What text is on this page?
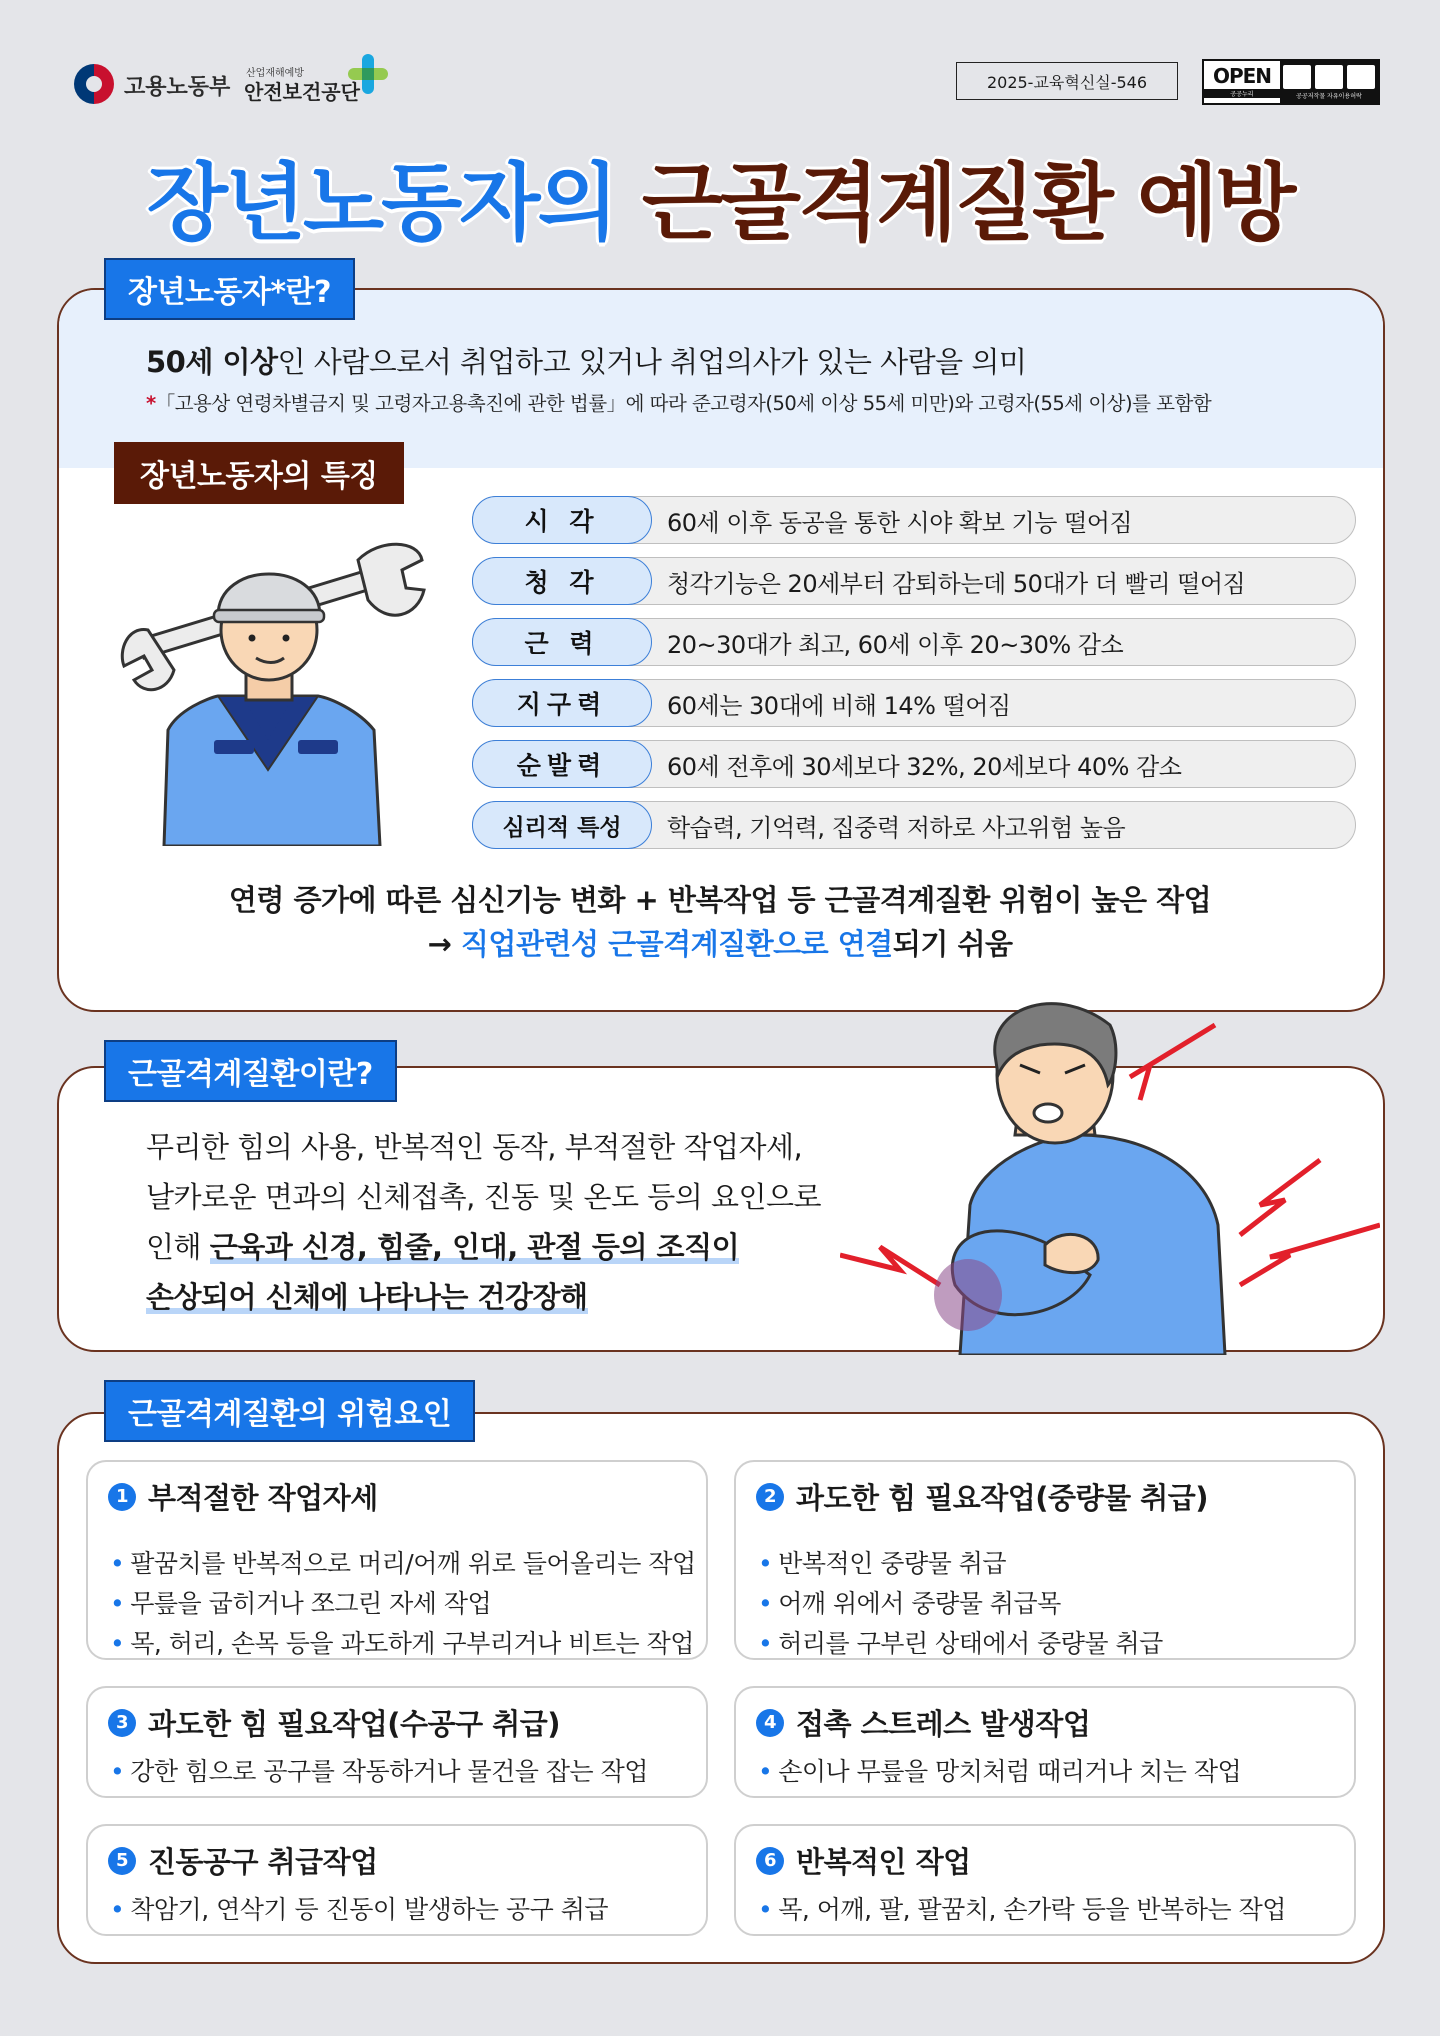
고용노동부
산업재해예방
안전보건공단	2025-교육혁신실-546	OPEN
공공누리	공공저작물 자유이용허락
장년노동자의 근골격계질환 예방
장년노동자*란?
50세 이상인 사람으로서 취업하고 있거나 취업의사가 있는 사람을 의미
*「고용상 연령차별금지 및 고령자고용촉진에 관한 법률」에 따라 준고령자(50세 이상 55세 미만)와 고령자(55세 이상)를 포함함
장년노동자의 특징
시 각	60세 이후 동공을 통한 시야 확보 기능 떨어짐
청 각	청각기능은 20세부터 감퇴하는데 50대가 더 빨리 떨어짐
근 력	20~30대가 최고, 60세 이후 20~30% 감소
지구력	60세는 30대에 비해 14% 떨어짐
순발력	60세 전후에 30세보다 32%, 20세보다 40% 감소
심리적 특성	학습력, 기억력, 집중력 저하로 사고위험 높음
연령 증가에 따른 심신기능 변화 + 반복작업 등 근골격계질환 위험이 높은 작업
→ 직업관련성 근골격계질환으로 연결되기 쉬움
근골격계질환이란?
무리한 힘의 사용, 반복적인 동작, 부적절한 작업자세,
날카로운 면과의 신체접촉, 진동 및 온도 등의 요인으로
인해 근육과 신경, 힘줄, 인대, 관절 등의 조직이
손상되어 신체에 나타나는 건강장해
근골격계질환의 위험요인
1 부적절한 작업자세
• 팔꿈치를 반복적으로 머리/어깨 위로 들어올리는 작업
• 무릎을 굽히거나 쪼그린 자세 작업
• 목, 허리, 손목 등을 과도하게 구부리거나 비트는 작업
2 과도한 힘 필요작업(중량물 취급)
• 반복적인 중량물 취급
• 어깨 위에서 중량물 취급목
• 허리를 구부린 상태에서 중량물 취급
3 과도한 힘 필요작업(수공구 취급)
• 강한 힘으로 공구를 작동하거나 물건을 잡는 작업
4 접촉 스트레스 발생작업
• 손이나 무릎을 망치처럼 때리거나 치는 작업
5 진동공구 취급작업
• 착암기, 연삭기 등 진동이 발생하는 공구 취급
6 반복적인 작업
• 목, 어깨, 팔, 팔꿈치, 손가락 등을 반복하는 작업
